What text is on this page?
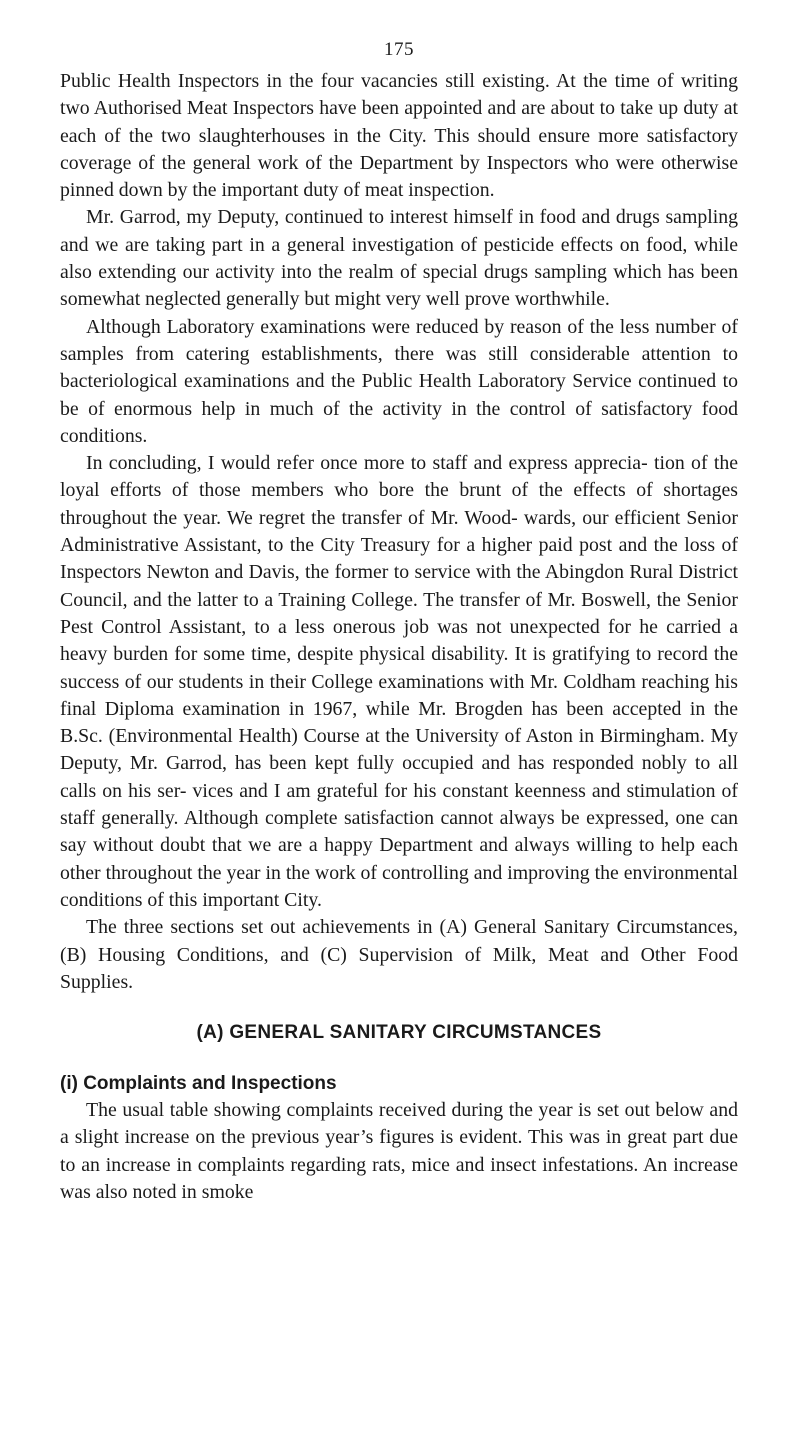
175

Public Health Inspectors in the four vacancies still existing. At the time of writing two Authorised Meat Inspectors have been appointed and are about to take up duty at each of the two slaughterhouses in the City. This should ensure more satisfactory coverage of the general work of the Department by Inspectors who were otherwise pinned down by the important duty of meat inspection.

Mr. Garrod, my Deputy, continued to interest himself in food and drugs sampling and we are taking part in a general investigation of pesticide effects on food, while also extending our activity into the realm of special drugs sampling which has been somewhat neglected generally but might very well prove worthwhile.

Although Laboratory examinations were reduced by reason of the less number of samples from catering establishments, there was still considerable attention to bacteriological examinations and the Public Health Laboratory Service continued to be of enormous help in much of the activity in the control of satisfactory food conditions.

In concluding, I would refer once more to staff and express apprecia- tion of the loyal efforts of those members who bore the brunt of the effects of shortages throughout the year. We regret the transfer of Mr. Wood- wards, our efficient Senior Administrative Assistant, to the City Treasury for a higher paid post and the loss of Inspectors Newton and Davis, the former to service with the Abingdon Rural District Council, and the latter to a Training College. The transfer of Mr. Boswell, the Senior Pest Control Assistant, to a less onerous job was not unexpected for he carried a heavy burden for some time, despite physical disability. It is gratifying to record the success of our students in their College examinations with Mr. Coldham reaching his final Diploma examination in 1967, while Mr. Brogden has been accepted in the B.Sc. (Environmental Health) Course at the University of Aston in Birmingham. My Deputy, Mr. Garrod, has been kept fully occupied and has responded nobly to all calls on his ser- vices and I am grateful for his constant keenness and stimulation of staff generally. Although complete satisfaction cannot always be expressed, one can say without doubt that we are a happy Department and always willing to help each other throughout the year in the work of controlling and improving the environmental conditions of this important City.

The three sections set out achievements in (A) General Sanitary Circumstances, (B) Housing Conditions, and (C) Supervision of Milk, Meat and Other Food Supplies.

(A) GENERAL SANITARY CIRCUMSTANCES
(i) Complaints and Inspections

The usual table showing complaints received during the year is set out below and a slight increase on the previous year’s figures is evident. This was in great part due to an increase in complaints regarding rats, mice and insect infestations. An increase was also noted in smoke
